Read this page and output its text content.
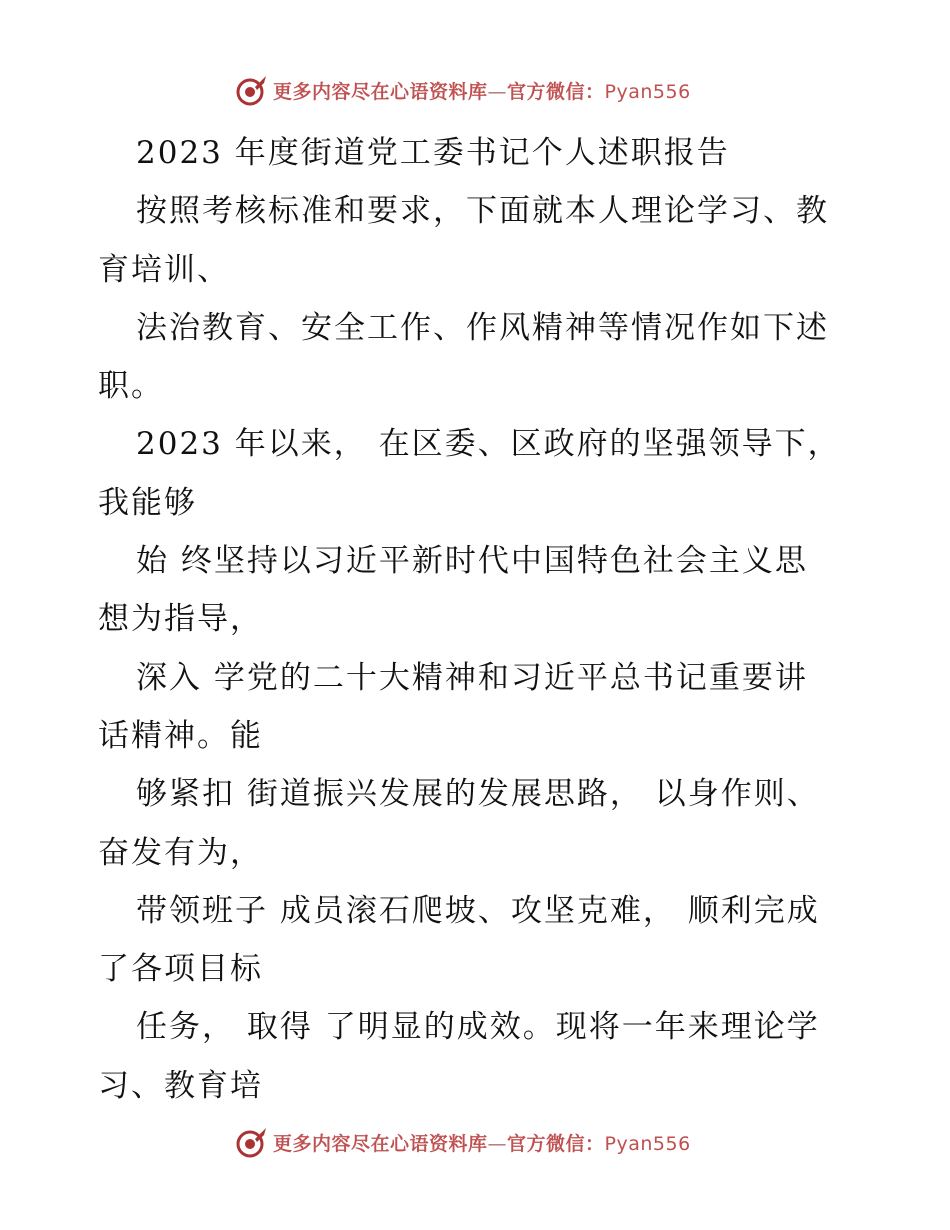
更多内容尽在心语资料库—官方微信：Pyan556
2023 年度街道党工委书记个人述职报告
按照考核标准和要求，下面就本人理论学习、教
育培训、
法治教育、安全工作、作风精神等情况作如下述
职。
2023 年以来， 在区委、区政府的坚强领导下，
我能够
始 终坚持以习近平新时代中国特色社会主义思
想为指导，
深入 学党的二十大精神和习近平总书记重要讲
话精神。能
够紧扣 街道振兴发展的发展思路， 以身作则、
奋发有为，
带领班子 成员滚石爬坡、攻坚克难， 顺利完成
了各项目标
任务， 取得 了明显的成效。现将一年来理论学
习、教育培
更多内容尽在心语资料库—官方微信：Pyan556
